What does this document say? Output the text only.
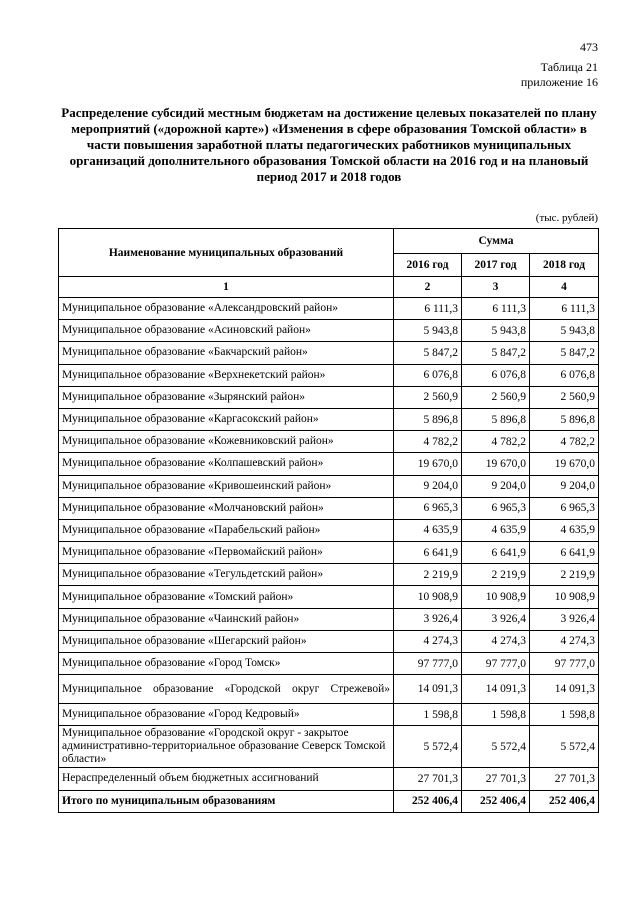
473
Таблица 21
приложение 16
Распределение субсидий местным бюджетам на достижение целевых показателей по плану мероприятий («дорожной карте») «Изменения в сфере образования Томской области» в части повышения заработной платы педагогических работников муниципальных организаций дополнительного образования Томской области на 2016 год и на плановый период 2017 и 2018 годов
(тыс. рублей)
Наименование муниципальных образований	Сумма		
	2016 год	2017 год	2018 год
1	2	3	4
Муниципальное образование «Александровский район»	6 111,3	6 111,3	6 111,3
Муниципальное образование «Асиновский район»	5 943,8	5 943,8	5 943,8
Муниципальное образование «Бакчарский район»	5 847,2	5 847,2	5 847,2
Муниципальное образование «Верхнекетский район»	6 076,8	6 076,8	6 076,8
Муниципальное образование «Зырянский район»	2 560,9	2 560,9	2 560,9
Муниципальное образование «Каргасокский район»	5 896,8	5 896,8	5 896,8
Муниципальное образование «Кожевниковский район»	4 782,2	4 782,2	4 782,2
Муниципальное образование «Колпашевский район»	19 670,0	19 670,0	19 670,0
Муниципальное образование «Кривошеинский район»	9 204,0	9 204,0	9 204,0
Муниципальное образование «Молчановский район»	6 965,3	6 965,3	6 965,3
Муниципальное образование «Парабельский район»	4 635,9	4 635,9	4 635,9
Муниципальное образование «Первомайский район»	6 641,9	6 641,9	6 641,9
Муниципальное образование «Тегульдетский район»	2 219,9	2 219,9	2 219,9
Муниципальное образование «Томский район»	10 908,9	10 908,9	10 908,9
Муниципальное образование «Чаинский район»	3 926,4	3 926,4	3 926,4
Муниципальное образование «Шегарский район»	4 274,3	4 274,3	4 274,3
Муниципальное образование «Город Томск»	97 777,0	97 777,0	97 777,0
Муниципальное образование «Городской округ Стрежевой»	14 091,3	14 091,3	14 091,3
Муниципальное образование «Город Кедровый»	1 598,8	1 598,8	1 598,8
Муниципальное образование «Городской округ - закрытое административно-территориальное образование Северск Томской области»	5 572,4	5 572,4	5 572,4
Нераспределенный объем бюджетных ассигнований	27 701,3	27 701,3	27 701,3
Итого по муниципальным образованиям	252 406,4	252 406,4	252 406,4
